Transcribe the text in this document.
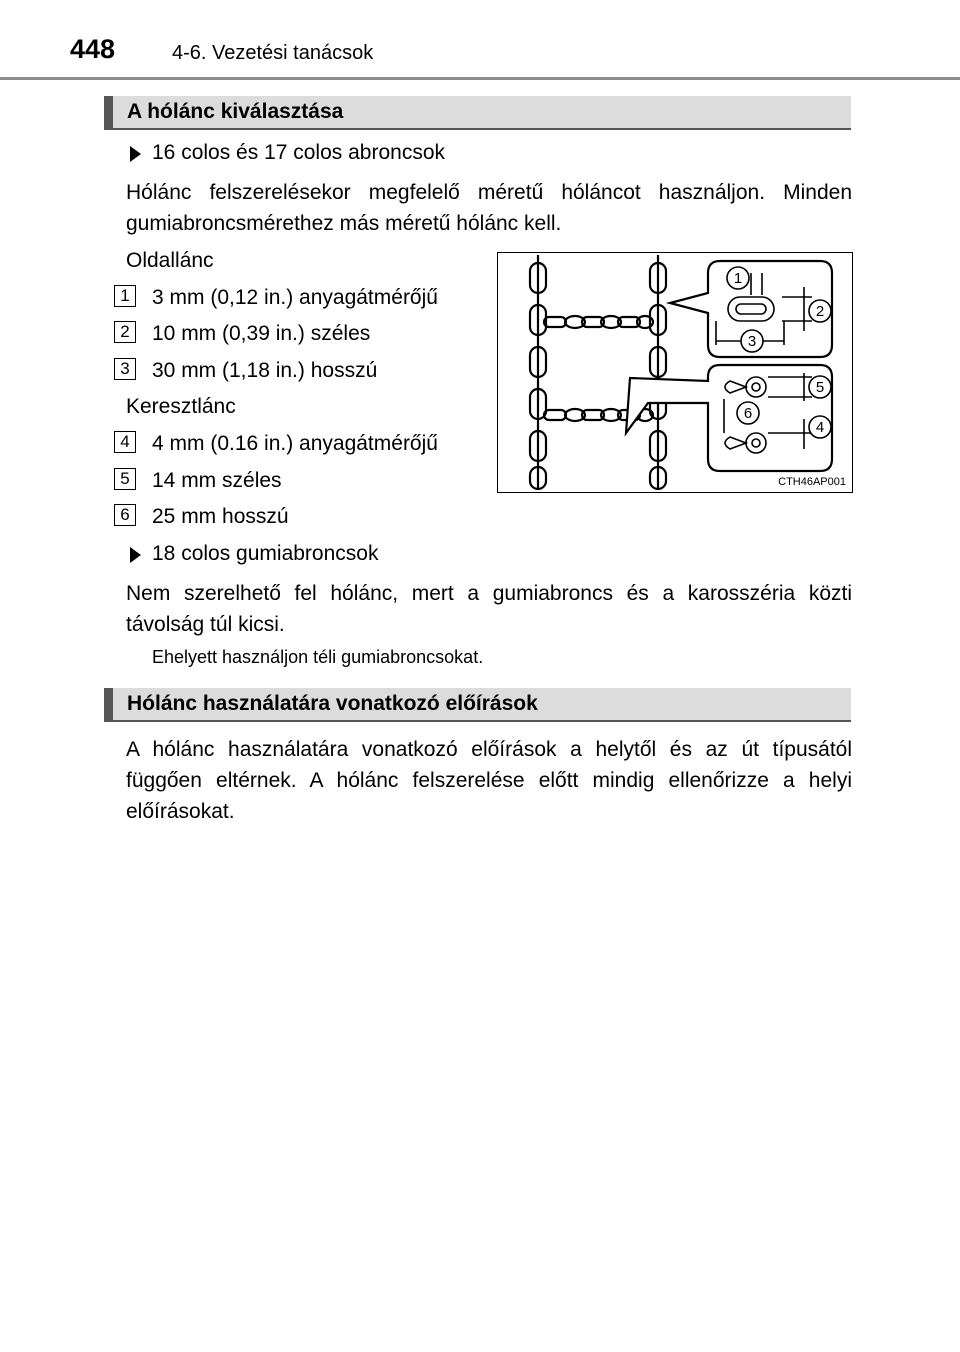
448	4-6. Vezetési tanácsok
A hólánc kiválasztása
16 colos és 17 colos abroncsok
Hólánc felszerelésekor megfelelő méretű hóláncot használjon. Minden gumiabroncsmérethez más méretű hólánc kell.
Oldallánc
1 3 mm (0,12 in.) anyagátmérőjű
2 10 mm (0,39 in.) széles
3 30 mm (1,18 in.) hosszú
Keresztlánc
4 4 mm (0.16 in.) anyagátmérőjű
5 14 mm széles
6 25 mm hosszú
18 colos gumiabroncsok
Nem szerelhető fel hólánc, mert a gumiabroncs és a karosszéria közti távolság túl kicsi.
Ehelyett használjon téli gumiabroncsokat.
1
2
3
5
6
4
CTH46AP001
Hólánc használatára vonatkozó előírások
A hólánc használatára vonatkozó előírások a helytől és az út típusától függően eltérnek. A hólánc felszerelése előtt mindig ellenőrizze a helyi előírásokat.
